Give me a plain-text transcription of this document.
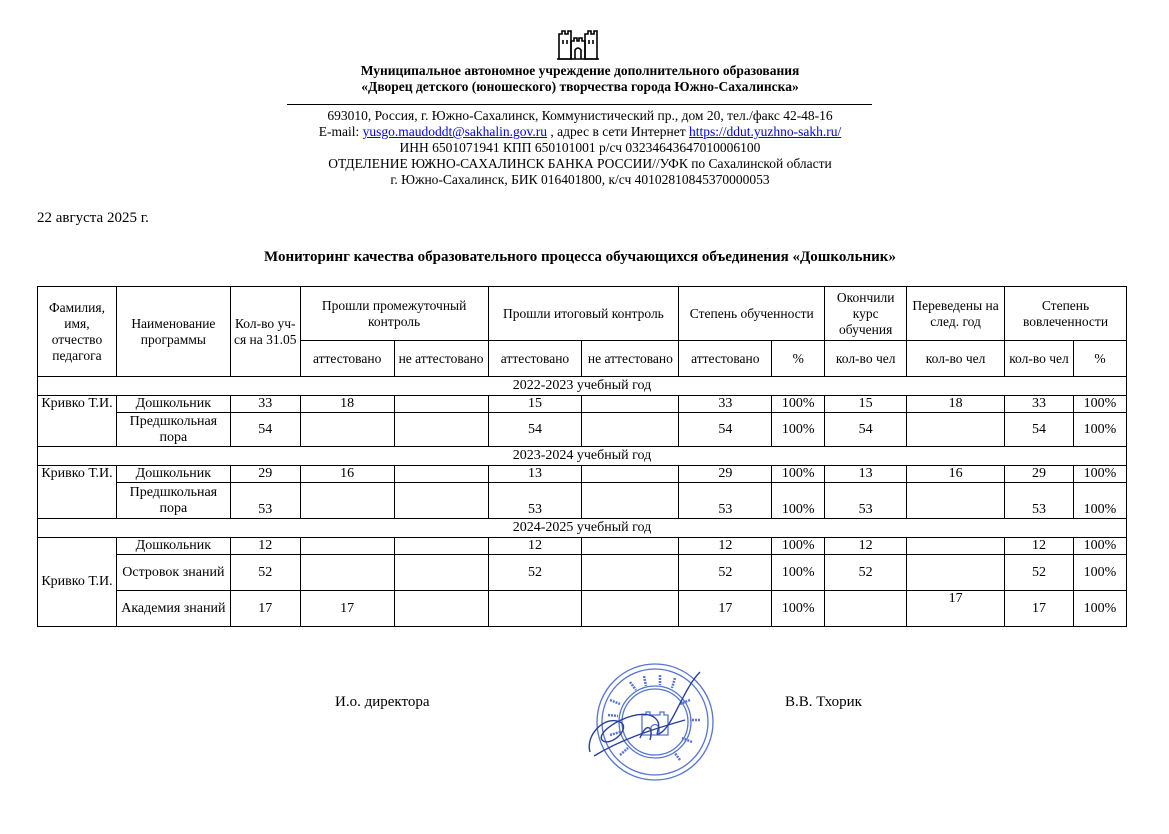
Муниципальное автономное учреждение дополнительного образования
«Дворец детского (юношеского) творчества города Южно-Сахалинска»
693010, Россия, г. Южно-Сахалинск, Коммунистический пр., дом 20, тел./факс 42-48-16
E-mail: yusgo.maudoddt@sakhalin.gov.ru , адрес в сети Интернет https://ddut.yuzhno-sakh.ru/
ИНН 6501071941 КПП 650101001 р/сч 03234643647010006100
ОТДЕЛЕНИЕ ЮЖНО-САХАЛИНСК БАНКА РОССИИ//УФК по Сахалинской области
г. Южно-Сахалинск, БИК 016401800, к/сч 40102810845370000053
22 августа 2025 г.
Мониторинг качества образовательного процесса обучающихся объединения «Дошкольник»
Фамилия, имя, отчество педагога	Наименование программы	Кол-во уч-ся на 31.05	Прошли промежуточный контроль		Прошли итоговый контроль		Степень обученности		Окончили курс обучения	Переведены на след. год	Степень вовлеченности	
			аттестовано	не аттестовано	аттестовано	не аттестовано	аттестовано	%	кол-во чел	кол-во чел	кол-во чел	%
2022-2023 учебный год												
Кривко Т.И.	Дошкольник	33	18		15		33	100%	15	18	33	100%
	Предшкольная пора	54			54		54	100%	54		54	100%
2023-2024 учебный год												
Кривко Т.И.	Дошкольник	29	16		13		29	100%	13	16	29	100%
	Предшкольная пора	53			53		53	100%	53		53	100%
2024-2025 учебный год												
Кривко Т.И.	Дошкольник	12			12		12	100%	12		12	100%
	Островок знаний	52			52		52	100%	52		52	100%
	Академия знаний	17	17				17	100%		17	17	100%
И.о. директора	В.В. Тхорик
